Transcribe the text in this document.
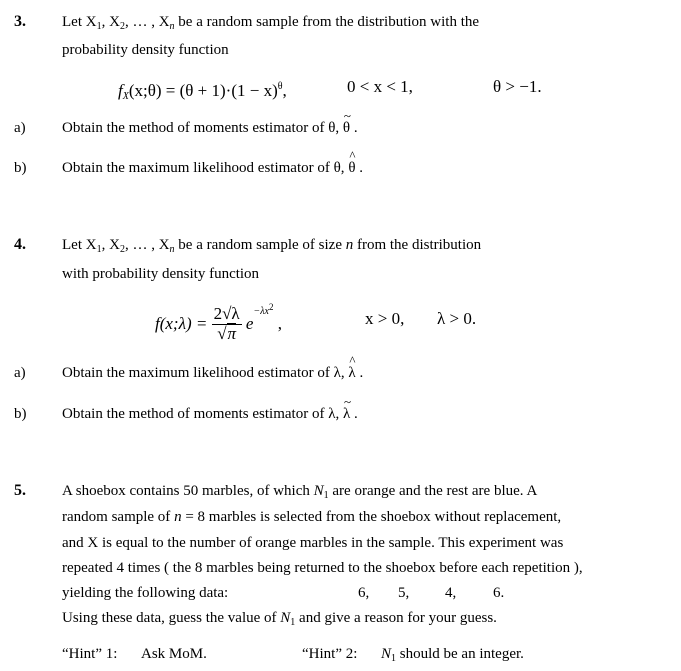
3. Let $X_1$, $X_2$, … , $X_n$ be a random sample from the distribution with the
probability density function
$f_X(x;\theta) = (\theta + 1)\cdot(1 - x)^\theta$,	0 < x < 1,	θ > −1.
a) Obtain the method of moments estimator of θ,
~
θ .
b) Obtain the maximum likelihood estimator of θ,
^
θ .
4. Let $X_1$, $X_2$, … , $X_n$ be a random sample of size n from the distribution
with probability density function
f(x;λ) = $\frac{2√\lambda}{√\pi} e^{-\lambda x2}$ ,	x > 0, λ > 0.
a) Obtain the maximum likelihood estimator of λ,
^
λ .
b) Obtain the method of moments estimator of λ,
~
λ .
5. A shoebox contains 50 marbles, of which $N_1$ are orange and the rest are blue. A
random sample of n = 8 marbles is selected from the shoebox without replacement,
and X is equal to the number of orange marbles in the sample. This experiment was
repeated 4 times ( the 8 marbles being returned to the shoebox before each repetition ),
yielding the following data:	6, 5, 4, 6.
Using these data, guess the value of $N_1$ and give a reason for your guess.
“Hint” 1: Ask MoM.	“Hint” 2: $N_1$ should be an integer.
